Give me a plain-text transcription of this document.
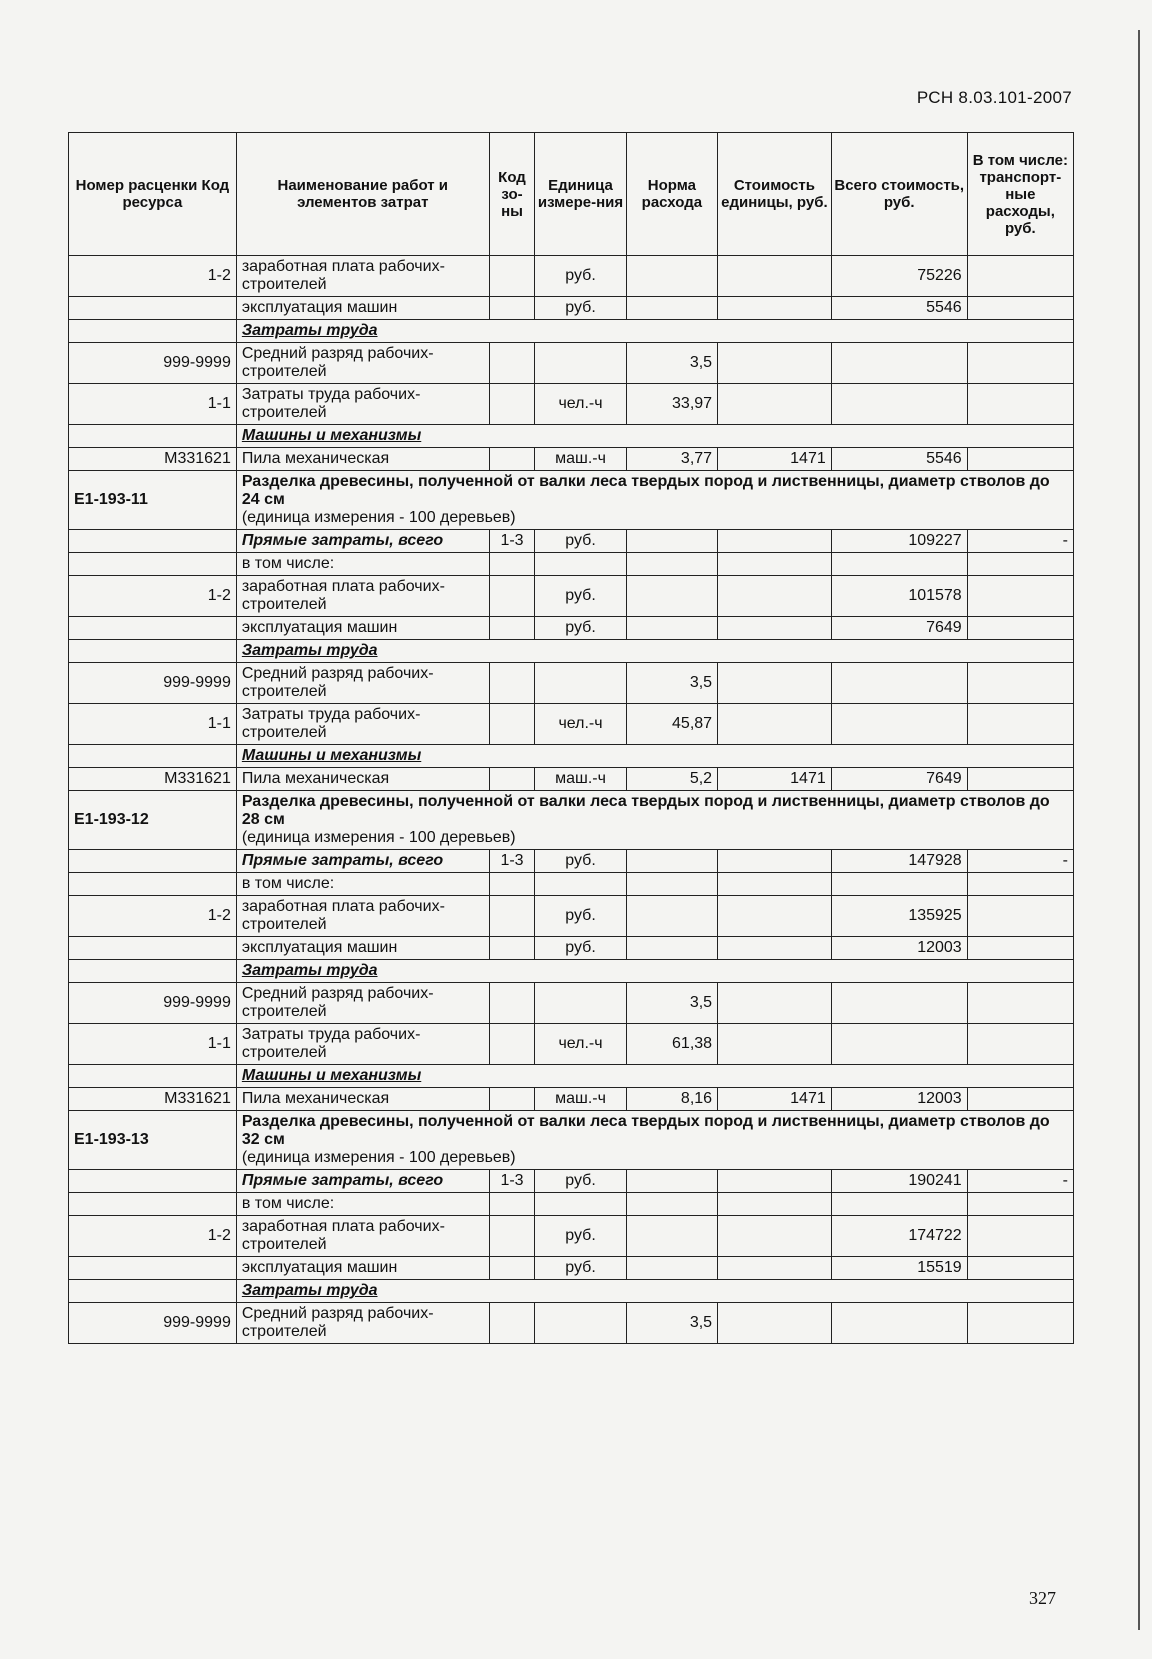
РСН 8.03.101-2007
Номер расценки Код ресурса	Наименование работ и элементов затрат	Код зо-ны	Единица измере-ния	Норма расхода	Стоимость единицы, руб.	Всего стоимость, руб.	В том числе: транспорт-ные расходы, руб.
1-2	заработная плата рабочих-строителей		руб.			75226	
	эксплуатация машин		руб.			5546	
	Затраты труда						
999-9999	Средний разряд рабочих-строителей			3,5			
1-1	Затраты труда рабочих-строителей		чел.-ч	33,97			
	Машины и механизмы						
М331621	Пила механическая		маш.-ч	3,77	1471	5546	
Е1-193-11	Разделка древесины, полученной от валки леса твердых пород и лиственницы, диаметр стволов до 24 см
(единица измерения - 100 деревьев)						

	Прямые затраты, всего	1-3	руб.			109227	-
	в том числе:						
1-2	заработная плата рабочих-строителей		руб.			101578	
	эксплуатация машин		руб.			7649	
	Затраты труда						
999-9999	Средний разряд рабочих-строителей			3,5			
1-1	Затраты труда рабочих-строителей		чел.-ч	45,87			
	Машины и механизмы						
М331621	Пила механическая		маш.-ч	5,2	1471	7649	
Е1-193-12	Разделка древесины, полученной от валки леса твердых пород и лиственницы, диаметр стволов до 28 см
(единица измерения - 100 деревьев)						

	Прямые затраты, всего	1-3	руб.			147928	-
	в том числе:						
1-2	заработная плата рабочих-строителей		руб.			135925	
	эксплуатация машин		руб.			12003	
	Затраты труда						
999-9999	Средний разряд рабочих-строителей			3,5			
1-1	Затраты труда рабочих-строителей		чел.-ч	61,38			
	Машины и механизмы						
М331621	Пила механическая		маш.-ч	8,16	1471	12003	
Е1-193-13	Разделка древесины, полученной от валки леса твердых пород и лиственницы, диаметр стволов до 32 см
(единица измерения - 100 деревьев)						

	Прямые затраты, всего	1-3	руб.			190241	-
	в том числе:						
1-2	заработная плата рабочих-строителей		руб.			174722	
	эксплуатация машин		руб.			15519	
	Затраты труда						
999-9999	Средний разряд рабочих-строителей			3,5			
327
